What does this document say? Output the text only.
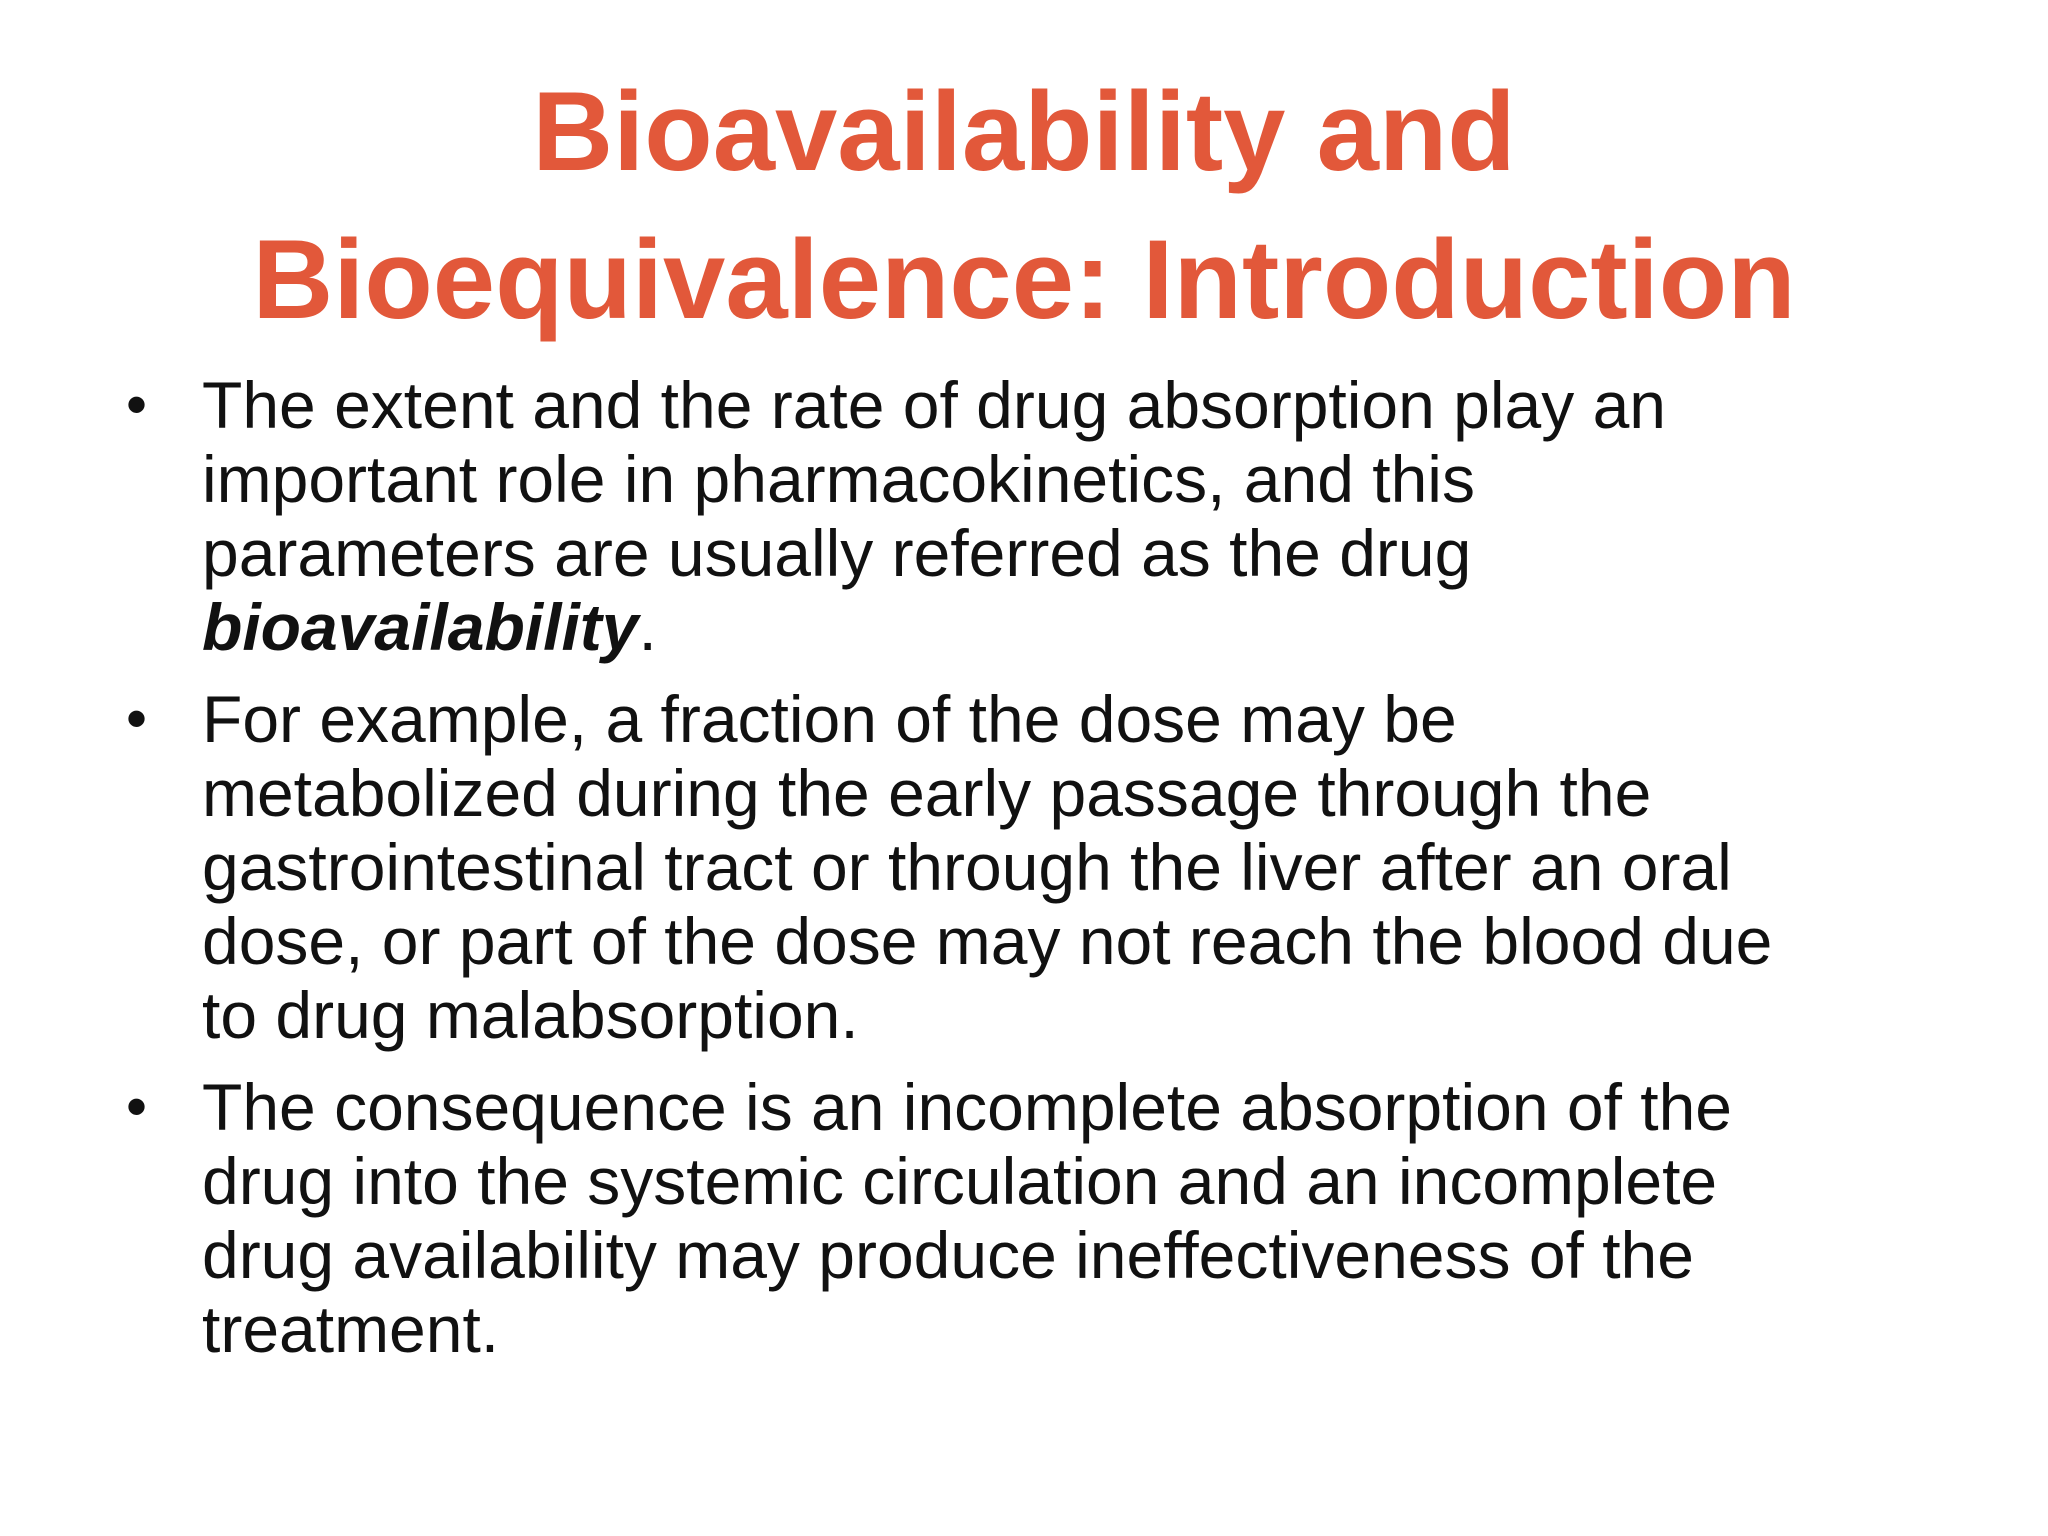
Bioavailability and
Bioequivalence: Introduction
• The extent and the rate of drug absorption play an
important role in pharmacokinetics, and this
parameters are usually referred as the drug
bioavailability.
• For example, a fraction of the dose may be
metabolized during the early passage through the
gastrointestinal tract or through the liver after an oral
dose, or part of the dose may not reach the blood due
to drug malabsorption.
• The consequence is an incomplete absorption of the
drug into the systemic circulation and an incomplete
drug availability may produce ineffectiveness of the
treatment.
